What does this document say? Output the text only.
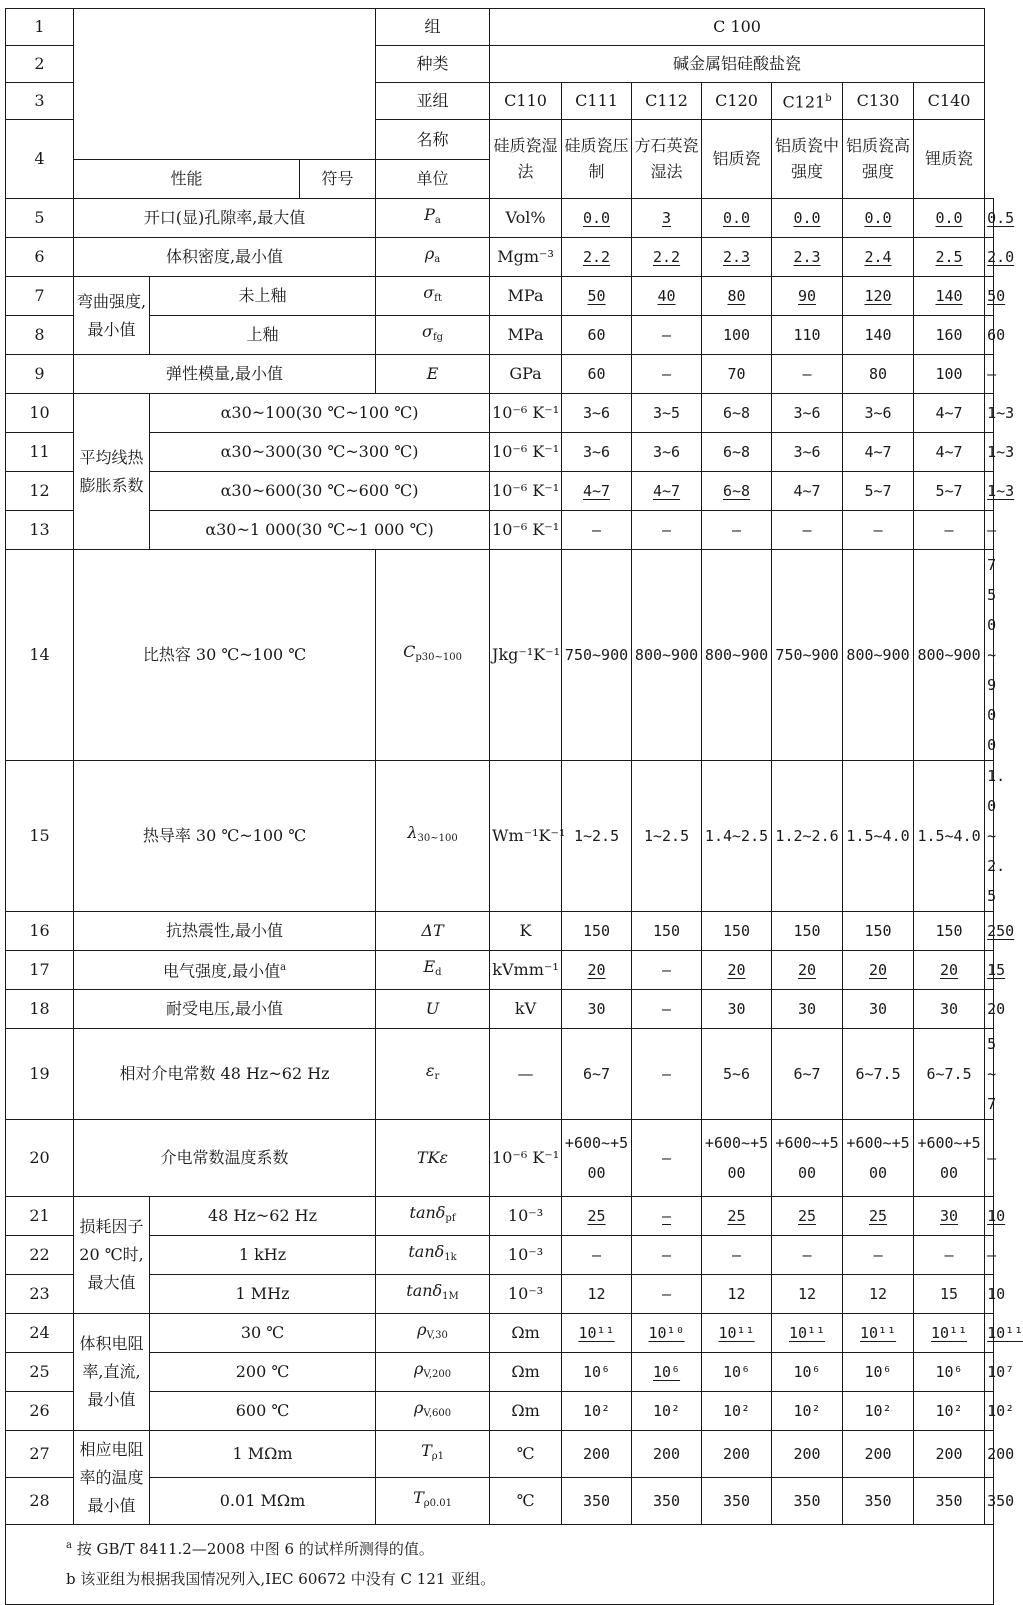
1				组	C 100							
2				种类	碱金属铝硅酸盐瓷							
3				亚组	C110	C111	C112	C120	C121$^b$	C130	C140	
4				名称	硅质瓷湿法	硅质瓷压制	方石英瓷湿法	铝质瓷	铝质瓷中强度	铝质瓷高强度	锂质瓷	
	性能		符号	单位								
5	开口(显)孔隙率,最大值			$P_a$	Vol%	0.0	3	0.0	0.0	0.0	0.0	0.5
6	体积密度,最小值			$\rho_a$	Mgm⁻³	2.2	2.2	2.3	2.3	2.4	2.5	2.0
7	弯曲强度,最小值	未上釉		$\sigma_{ft}$	MPa	50	40	80	90	120	140	50
8		上釉		$\sigma_{fg}$	MPa	60	—	100	110	140	160	60
9	弹性模量,最小值			E	GPa	60	—	70	—	80	100	—
10	平均线热膨胀系数	α30~100(30 ℃~100 ℃)			10⁻⁶ K⁻¹	3~6	3~5	6~8	3~6	3~6	4~7	1~3
11		α30~300(30 ℃~300 ℃)			10⁻⁶ K⁻¹	3~6	3~6	6~8	3~6	4~7	4~7	1~3
12		α30~600(30 ℃~600 ℃)			10⁻⁶ K⁻¹	4~7	4~7	6~8	4~7	5~7	5~7	1~3
13		α30~1 000(30 ℃~1 000 ℃)			10⁻⁶ K⁻¹	—	—	—	—	—	—	—
14	比热容 30 ℃~100 ℃			$C_{p30\sim 100}$	Jkg⁻¹K⁻¹	750~900	800~900	800~900	750~900	800~900	800~900	750~900
15	热导率 30 ℃~100 ℃			$\lambda_{30\sim 100}$	Wm⁻¹K⁻¹	1~2.5	1~2.5	1.4~2.5	1.2~2.6	1.5~4.0	1.5~4.0	1.0~2.5
16	抗热震性,最小值			ΔT	K	150	150	150	150	150	150	250
17	电气强度,最小值$^a$			$E_d$	kVmm⁻¹	20	—	20	20	20	20	15
18	耐受电压,最小值			U	kV	30	—	30	30	30	30	20
19	相对介电常数 48 Hz~62 Hz			$\varepsilon_r$	—	6~7	—	5~6	6~7	6~7.5	6~7.5	5~7
20	介电常数温度系数			TKε	10⁻⁶ K⁻¹	+600~+500	—	+600~+500	+600~+500	+600~+500	+600~+500	—
21	损耗因子 20 ℃时,最大值	48 Hz~62 Hz		tanδ$_{pf}$	10⁻³	25	—	25	25	25	30	10
22		1 kHz		tanδ$_{1k}$	10⁻³	—	—	—	—	—	—	—
23		1 MHz		tanδ$_{1M}$	10⁻³	12	—	12	12	12	15	10
24	体积电阻率,直流,最小值	30 ℃		$\rho_{V,30}$	Ωm	10¹¹	10¹⁰	10¹¹	10¹¹	10¹¹	10¹¹	10¹¹
25		200 ℃		$\rho_{V,200}$	Ωm	10⁶	10⁶	10⁶	10⁶	10⁶	10⁶	10⁷
26		600 ℃		$\rho_{V,600}$	Ωm	10²	10²	10²	10²	10²	10²	10²
27	相应电阻率的温度最小值	1 MΩm		$T_{\rho 1}$	℃	200	200	200	200	200	200	200
28		0.01 MΩm		$T_{\rho 0.01}$	℃	350	350	350	350	350	350	350
$^a$ 按 GB/T 8411.2—2008 中图 6 的试样所测得的值。
b 该亚组为根据我国情况列入,IEC 60672 中没有 C 121 亚组。
